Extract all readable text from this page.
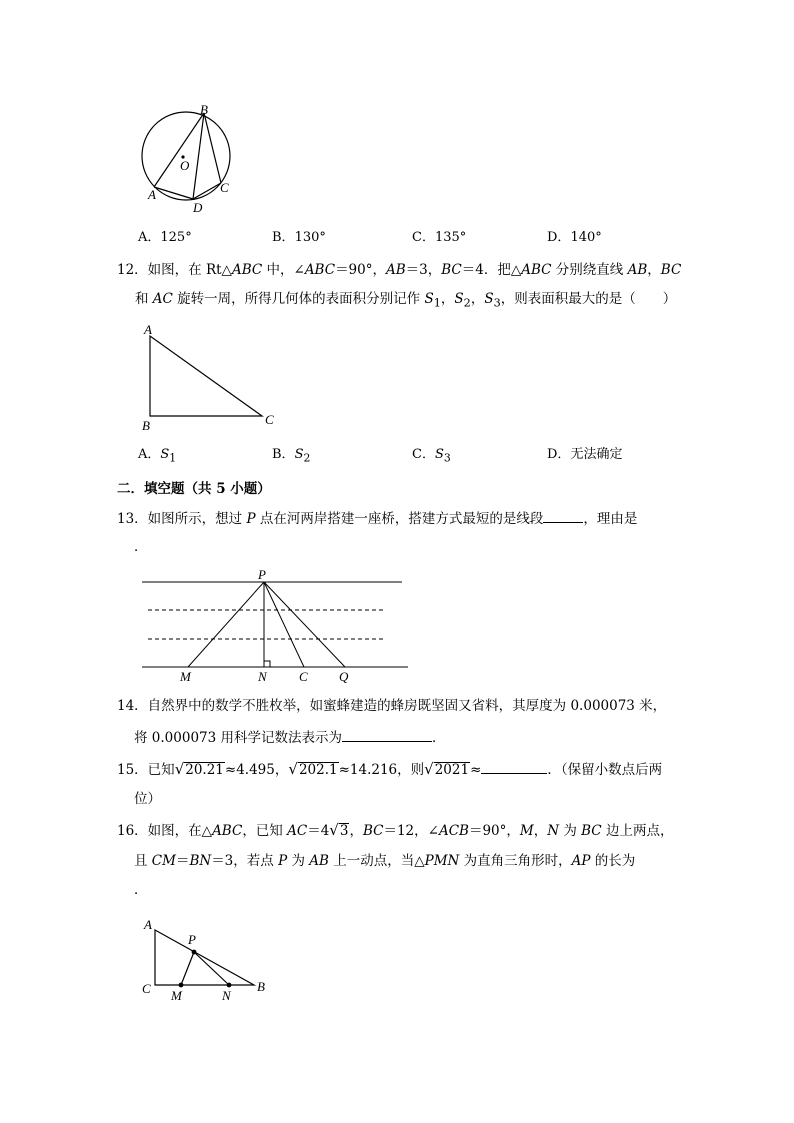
B
O
A
D
C
A．125°	B．130°	C．135°	D．140°
12．如图，在 Rt△ABC 中，∠ABC＝90°，AB＝3，BC＝4．把△ABC 分别绕直线 AB，BC
和 AC 旋转一周，所得几何体的表面积分别记作 $S_1$，$S_2$，$S_3$，则表面积最大的是（　　）
A
B	C
A．$S_1$	B．$S_2$	C．$S_3$	D．无法确定
二．填空题（共 5 小题）
13．如图所示，想过 P 点在河两岸搭建一座桥，搭建方式最短的是线段	，理由是
．
P
M	N C Q
14．自然界中的数学不胜枚举，如蜜蜂建造的蜂房既坚固又省料，其厚度为 0.000073 米，
将 0.000073 用科学记数法表示为	．
15．已知√20.21≈4.495，√202.1≈14.216，则√2021≈	．（保留小数点后两
位）
16．如图，在△ABC，已知 AC＝4√3，BC＝12，∠ACB＝90°，M，N 为 BC 边上两点，
且 CM＝BN＝3，若点 P 为 AB 上一动点，当△PMN 为直角三角形时，AP 的长为
．
A
P
C M	N
B
